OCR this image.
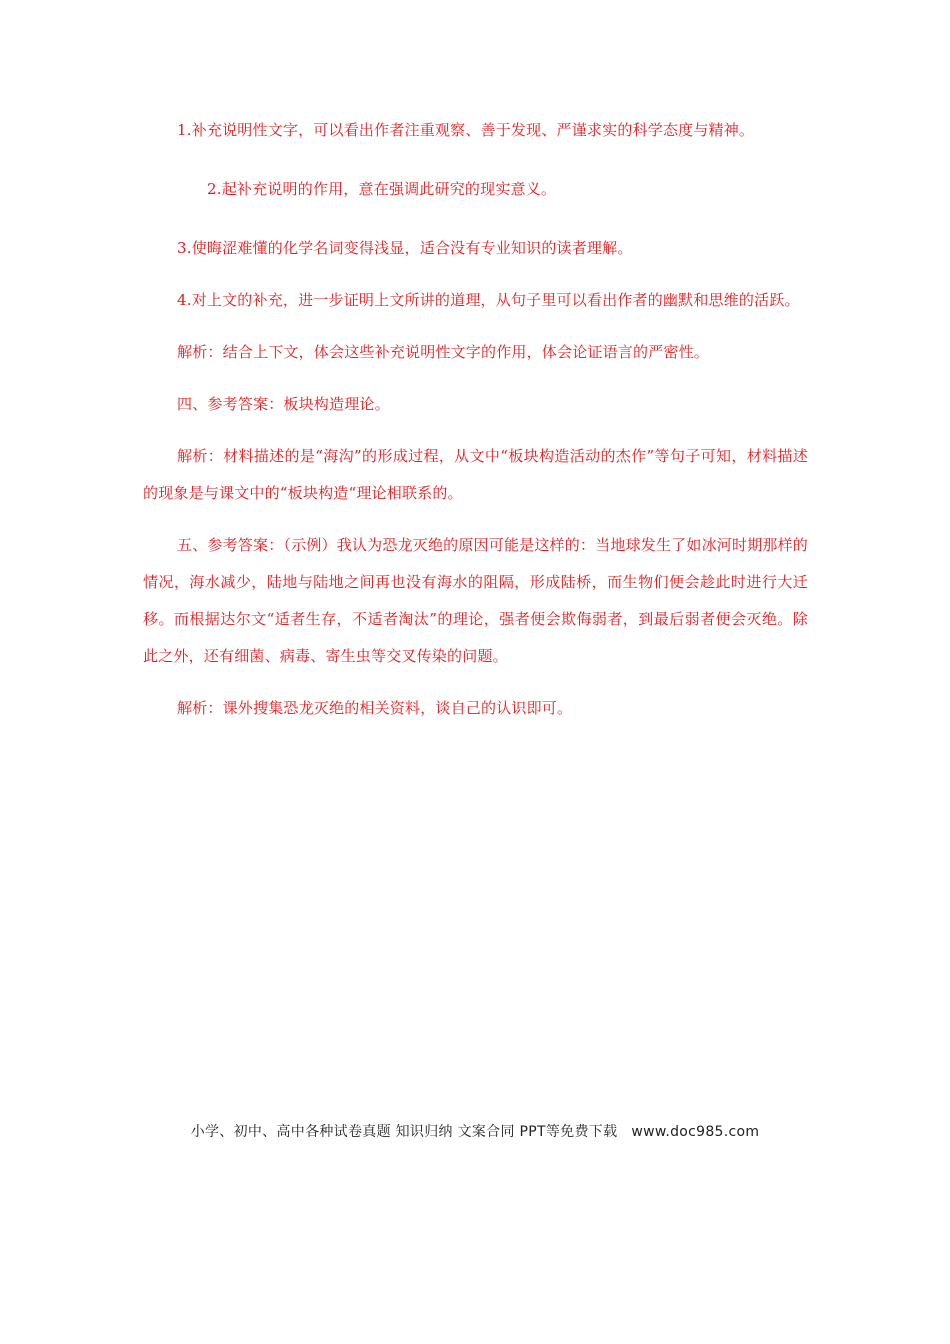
1.补充说明性文字，可以看出作者注重观察、善于发现、严谨求实的科学态度与精神。

2.起补充说明的作用，意在强调此研究的现实意义。

3.使晦涩难懂的化学名词变得浅显，适合没有专业知识的读者理解。

4.对上文的补充，进一步证明上文所讲的道理，从句子里可以看出作者的幽默和思维的活跃。

解析：结合上下文，体会这些补充说明性文字的作用，体会论证语言的严密性。

四、参考答案：板块构造理论。

解析：材料描述的是“海沟”的形成过程，从文中“板块构造活动的杰作”等句子可知，材料描述的现象是与课文中的“板块构造“理论相联系的。

五、参考答案：（示例）我认为恐龙灭绝的原因可能是这样的：当地球发生了如冰河时期那样的情况，海水减少，陆地与陆地之间再也没有海水的阻隔，形成陆桥，而生物们便会趁此时进行大迁移。而根据达尔文“适者生存，不适者淘汰”的理论，强者便会欺侮弱者，到最后弱者便会灭绝。除此之外，还有细菌、病毒、寄生虫等交叉传染的问题。

解析：课外搜集恐龙灭绝的相关资料，谈自己的认识即可。

小学、初中、高中各种试卷真题 知识归纳 文案合同 PPT等免费下载 www.doc985.com
